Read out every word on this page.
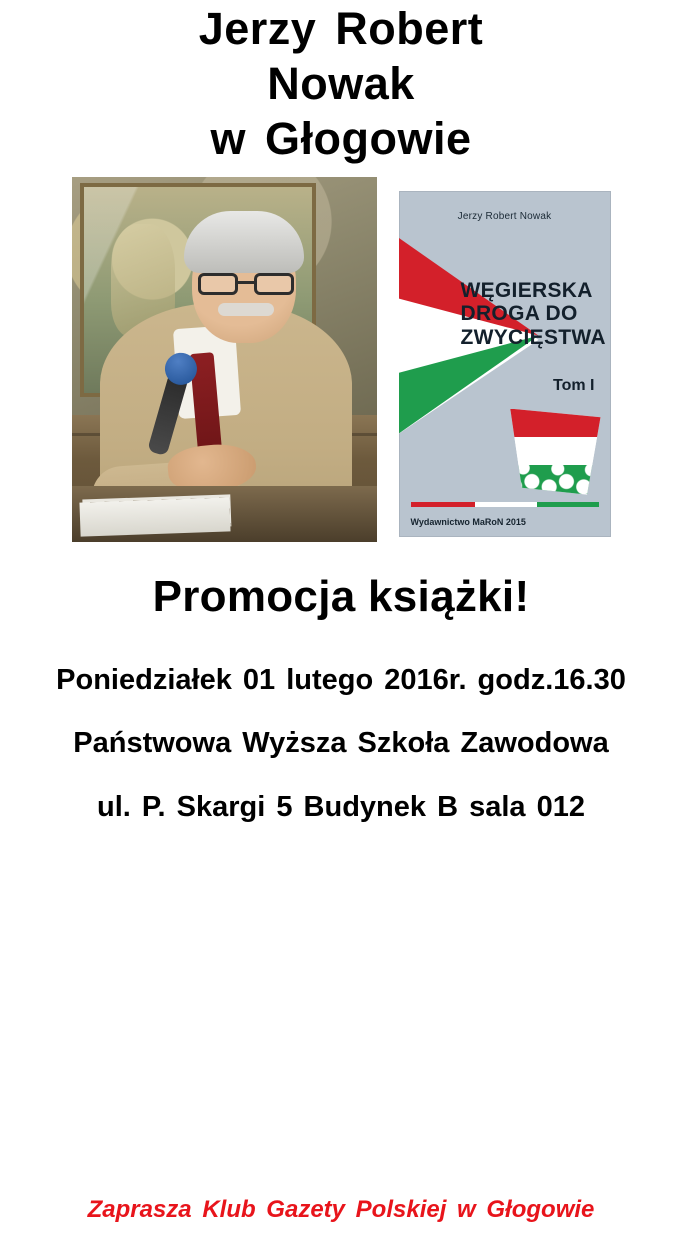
Jerzy Robert
Nowak
w Głogowie
Jerzy Robert Nowak
WĘGIERSKA
DROGA DO
ZWYCIĘSTWA
Tom I
Wydawnictwo MaRoN 2015
Promocja książki!
Poniedziałek 01 lutego 2016r. godz.16.30
Państwowa Wyższa Szkoła Zawodowa
ul. P. Skargi 5 Budynek B sala 012
Zaprasza Klub Gazety Polskiej w Głogowie
